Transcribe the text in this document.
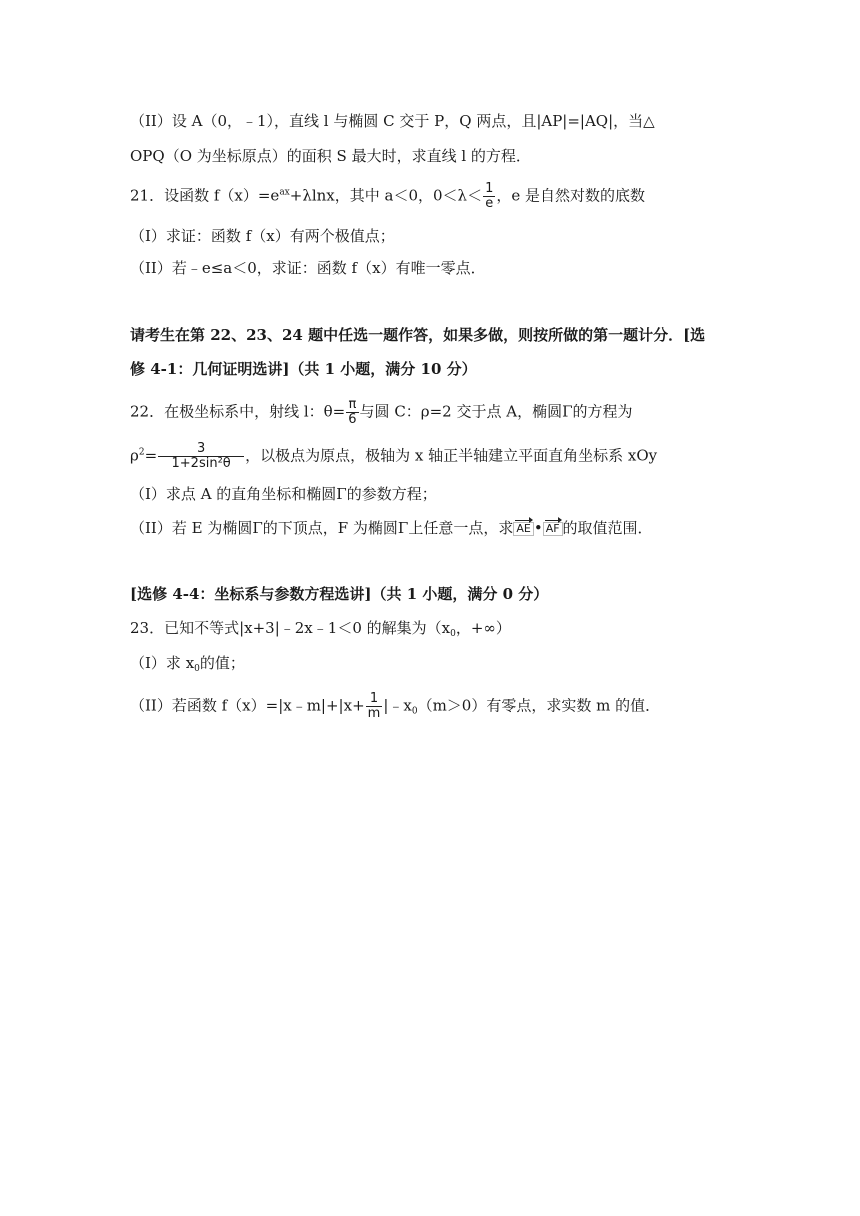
（II）设 A（0，﹣1），直线 l 与椭圆 C 交于 P，Q 两点，且|AP|=|AQ|，当△
OPQ（O 为坐标原点）的面积 S 最大时，求直线 l 的方程．
21．设函数 $f(x)=e^{ax}+\lambda\ln x$，其中 a＜0，$0<\lambda< \frac{1}{e}$ ，e 是自然对数的底数
（I）求证：函数 f（x）有两个极值点；
（II）若﹣e≤a＜0，求证：函数 f（x）有唯一零点．
请考生在第 22、23、24 题中任选一题作答，如果多做，则按所做的第一题计分．[选
修 4-1：几何证明选讲]（共 1 小题，满分 10 分）
22．在极坐标系中，射线 l：$\theta= \frac{\pi}{6}$ 与圆 C：ρ=2 交于点 A，椭圆Γ的方程为
$\rho^2= \frac{3}{\text{1+2sin²θ}}$ ，以极点为原点，极轴为 x 轴正半轴建立平面直角坐标系 xOy
（I）求点 A 的直角坐标和椭圆Γ的参数方程；
（II）若 E 为椭圆Γ的下顶点，F 为椭圆Γ上任意一点，求 AE • AF 的取值范围．
[选修 4-4：坐标系与参数方程选讲]（共 1 小题，满分 0 分）
23．已知不等式|x+3|﹣2x﹣1＜0 的解集为（$x_0$，+∞）
（I）求 $x_0$的值；
（II）若函数 f（x）=|x﹣m|+|x+ $\frac{1}{m}$ $|﹣x_0(m>0)$有零点，求实数 m 的值．
